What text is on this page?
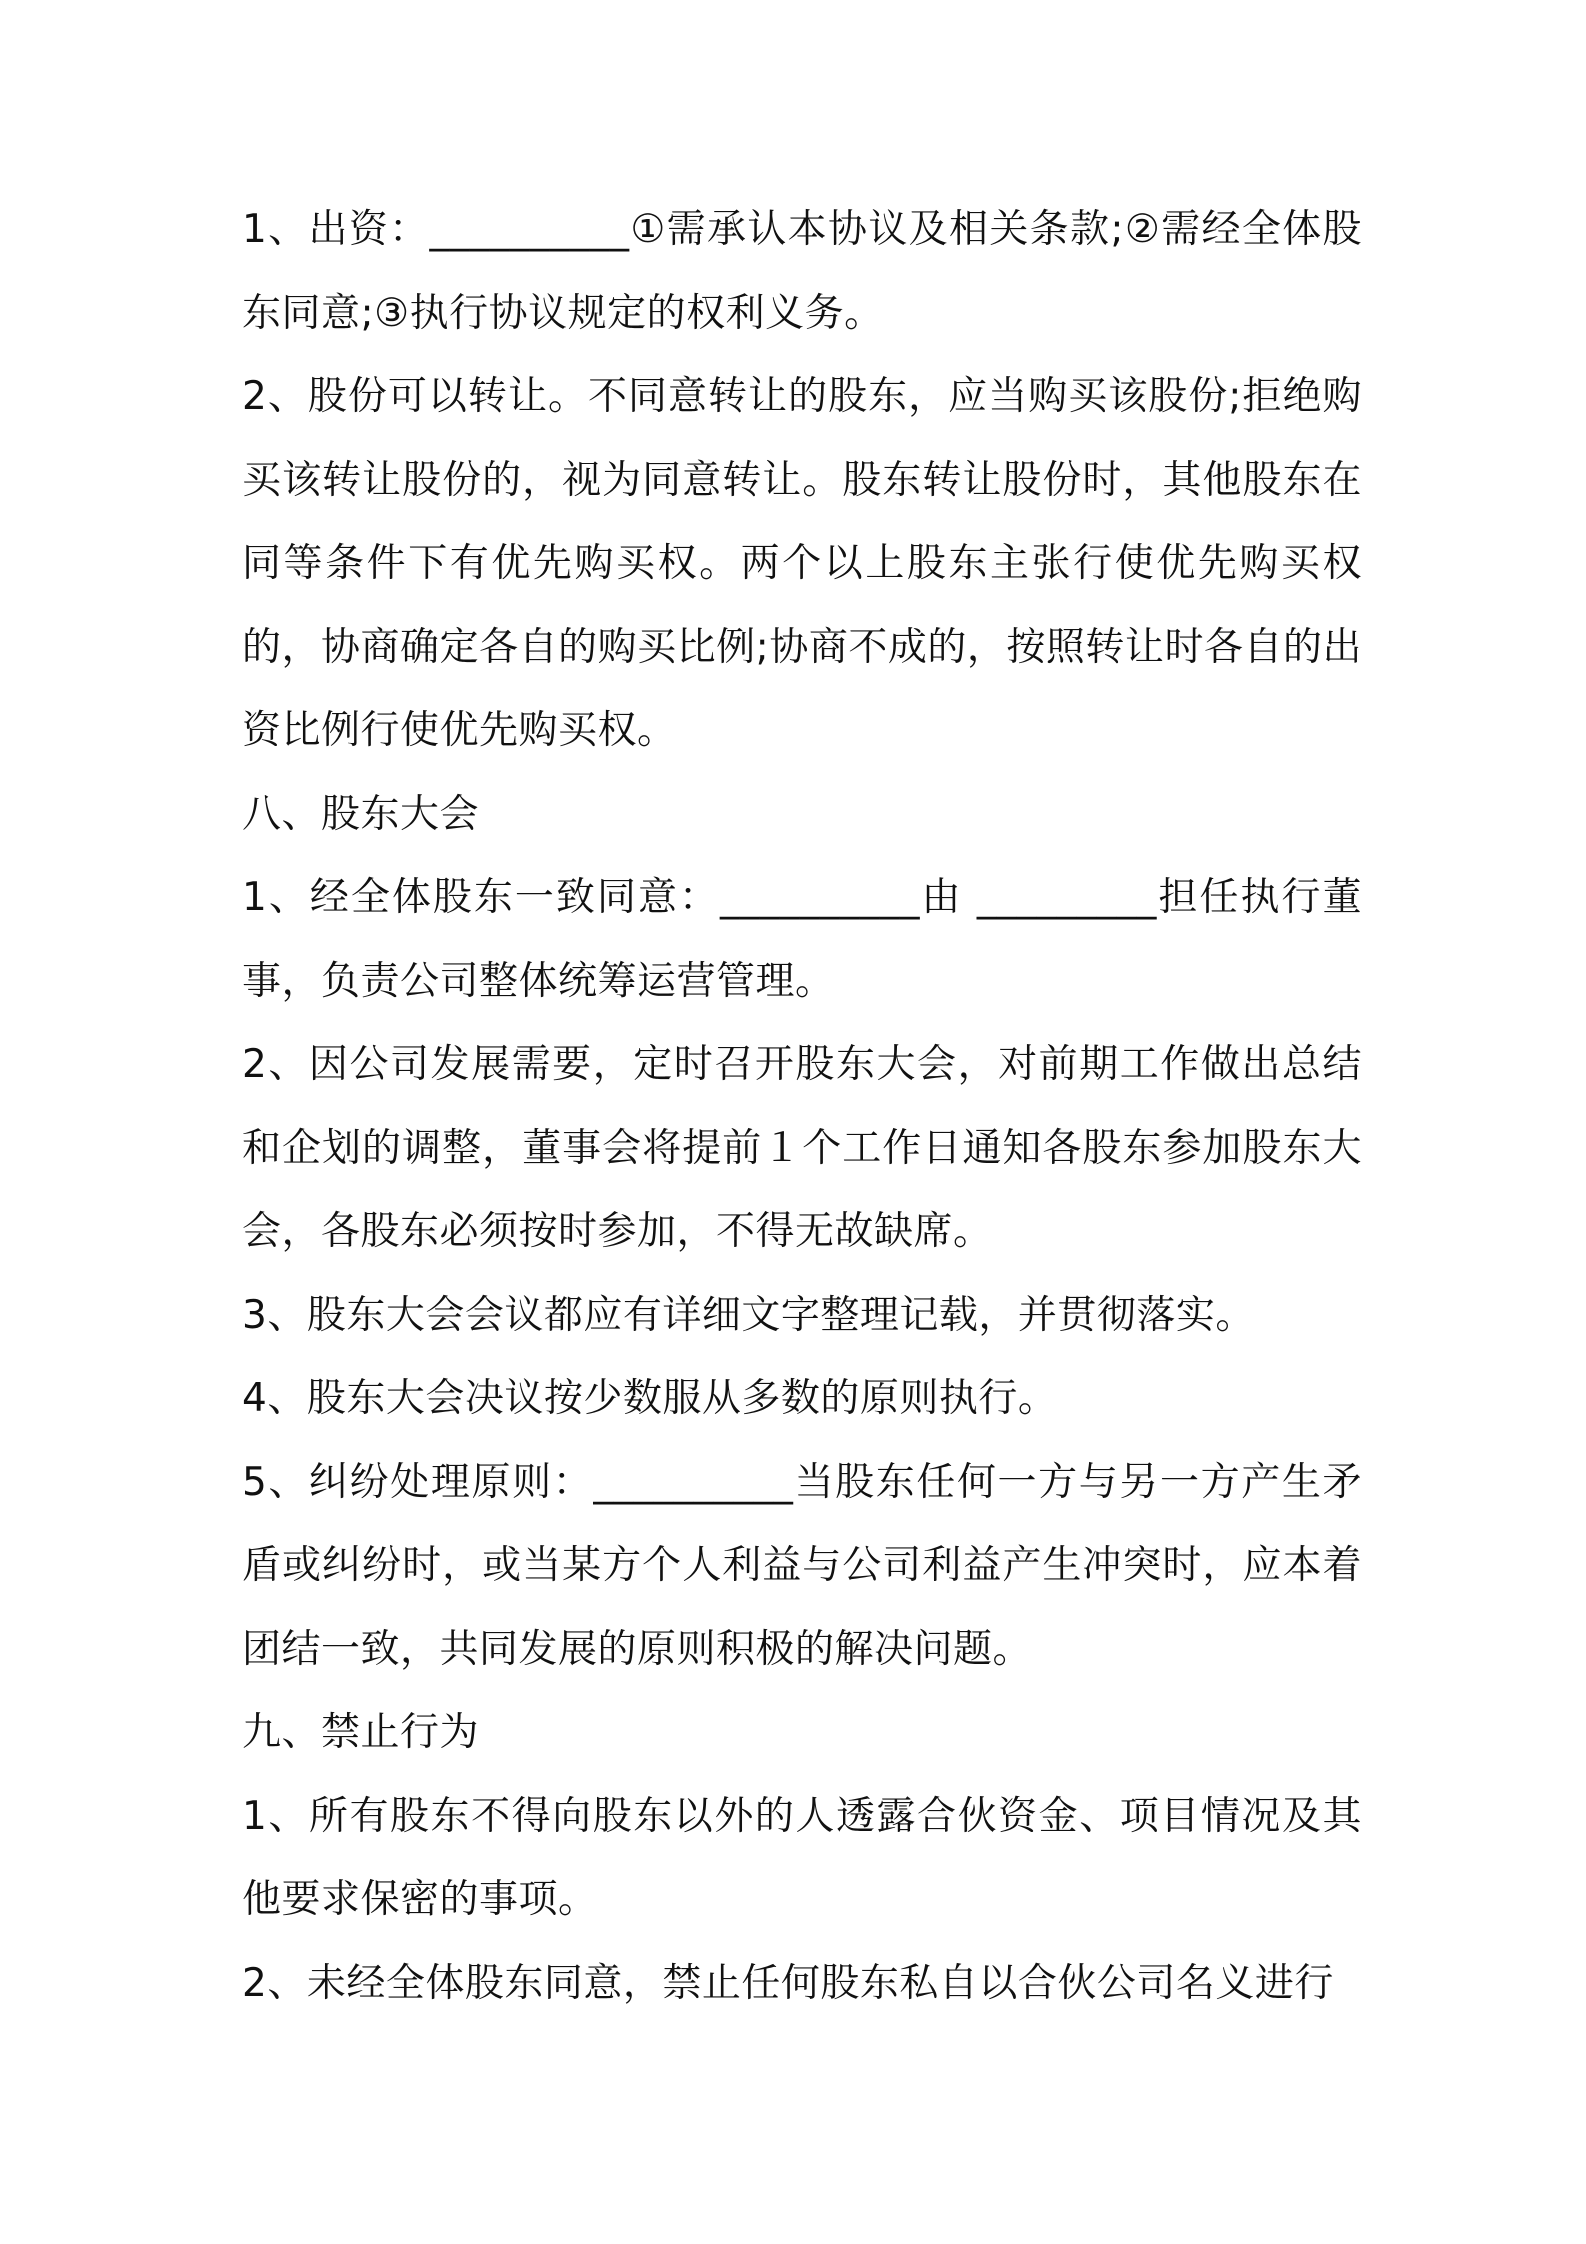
1、出资：__________①需承认本协议及相关条款;②需经全体股东同意;③执行协议规定的权利义务。

2、股份可以转让。不同意转让的股东，应当购买该股份;拒绝购买该转让股份的，视为同意转让。股东转让股份时，其他股东在同等条件下有优先购买权。两个以上股东主张行使优先购买权的，协商确定各自的购买比例;协商不成的，按照转让时各自的出资比例行使优先购买权。

八、股东大会

1、经全体股东一致同意：__________由 _________担任执行董事，负责公司整体统筹运营管理。

2、因公司发展需要，定时召开股东大会，对前期工作做出总结和企划的调整，董事会将提前１个工作日通知各股东参加股东大会，各股东必须按时参加，不得无故缺席。

3、股东大会会议都应有详细文字整理记载，并贯彻落实。

4、股东大会决议按少数服从多数的原则执行。

5、纠纷处理原则：__________当股东任何一方与另一方产生矛盾或纠纷时，或当某方个人利益与公司利益产生冲突时，应本着团结一致，共同发展的原则积极的解决问题。

九、禁止行为

1、所有股东不得向股东以外的人透露合伙资金、项目情况及其他要求保密的事项。

2、未经全体股东同意，禁止任何股东私自以合伙公司名义进行
